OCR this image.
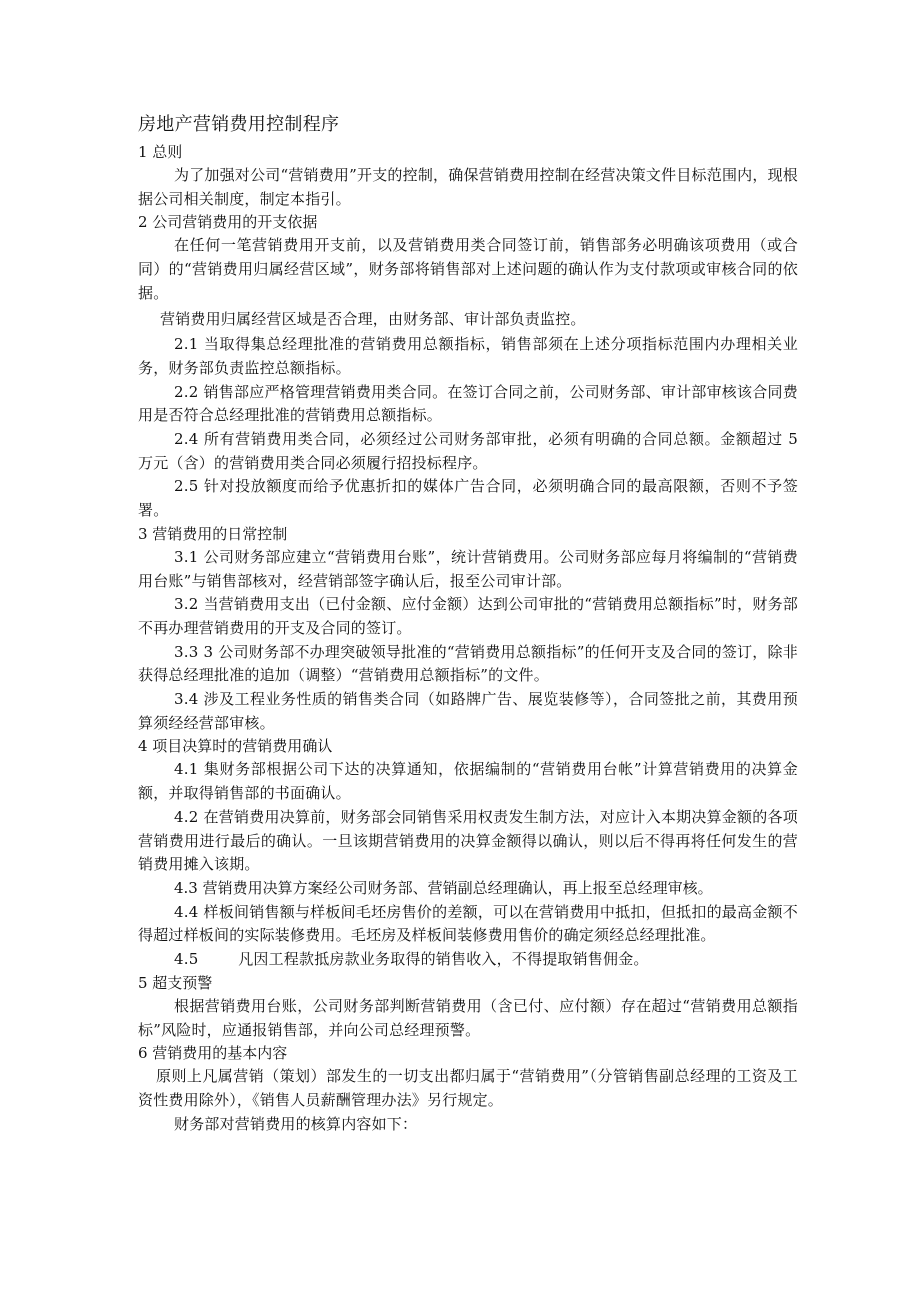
房地产营销费用控制程序
1 总则

为了加强对公司“营销费用”开支的控制，确保营销费用控制在经营决策文件目标范围内，现根据公司相关制度，制定本指引。

2 公司营销费用的开支依据

在任何一笔营销费用开支前，以及营销费用类合同签订前，销售部务必明确该项费用（或合同）的“营销费用归属经营区域”，财务部将销售部对上述问题的确认作为支付款项或审核合同的依据。

营销费用归属经营区域是否合理，由财务部、审计部负责监控。

2.1 当取得集总经理批准的营销费用总额指标，销售部须在上述分项指标范围内办理相关业务，财务部负责监控总额指标。

2.2 销售部应严格管理营销费用类合同。在签订合同之前，公司财务部、审计部审核该合同费用是否符合总经理批准的营销费用总额指标。

2.4 所有营销费用类合同，必须经过公司财务部审批，必须有明确的合同总额。金额超过 5 万元（含）的营销费用类合同必须履行招投标程序。

2.5 针对投放额度而给予优惠折扣的媒体广告合同，必须明确合同的最高限额，否则不予签署。

3 营销费用的日常控制

3.1 公司财务部应建立“营销费用台账”，统计营销费用。公司财务部应每月将编制的“营销费用台账”与销售部核对，经营销部签字确认后，报至公司审计部。

3.2 当营销费用支出（已付金额、应付金额）达到公司审批的“营销费用总额指标”时，财务部不再办理营销费用的开支及合同的签订。

3.3 3 公司财务部不办理突破领导批准的“营销费用总额指标”的任何开支及合同的签订，除非获得总经理批准的追加（调整）“营销费用总额指标”的文件。

3.4 涉及工程业务性质的销售类合同（如路牌广告、展览装修等），合同签批之前，其费用预算须经经营部审核。

4 项目决算时的营销费用确认

4.1 集财务部根据公司下达的决算通知，依据编制的“营销费用台帐”计算营销费用的决算金额，并取得销售部的书面确认。

4.2 在营销费用决算前，财务部会同销售采用权责发生制方法，对应计入本期决算金额的各项营销费用进行最后的确认。一旦该期营销费用的决算金额得以确认，则以后不得再将任何发生的营销费用摊入该期。

4.3 营销费用决算方案经公司财务部、营销副总经理确认，再上报至总经理审核。

4.4 样板间销售额与样板间毛坯房售价的差额，可以在营销费用中抵扣，但抵扣的最高金额不得超过样板间的实际装修费用。毛坯房及样板间装修费用售价的确定须经总经理批准。

4.5        凡因工程款抵房款业务取得的销售收入，不得提取销售佣金。

5 超支预警

根据营销费用台账，公司财务部判断营销费用（含已付、应付额）存在超过“营销费用总额指标”风险时，应通报销售部，并向公司总经理预警。

6 营销费用的基本内容

原则上凡属营销（策划）部发生的一切支出都归属于“营销费用”（分管销售副总经理的工资及工资性费用除外），《销售人员薪酬管理办法》另行规定。

财务部对营销费用的核算内容如下：
